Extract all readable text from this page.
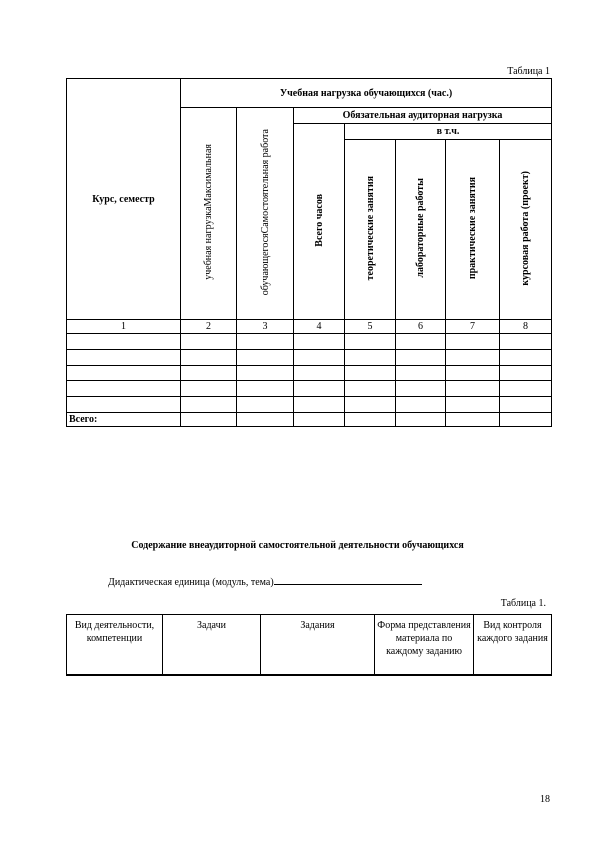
Таблица 1
Курс, семестр	Учебная нагрузка обучающихся (час.)						
	учебная нагрузкаМаксимальная	обучающегосяСамостоятельная работа	Обязательная аудиторная нагрузка				
			Всего часов	в т.ч.			
				теоретические занятия	лабораторные работы	практические занятия	курсовая работа (проект)
1	2	3	4	5	6	7	8

Всего:							
Содержание внеаудиторной самостоятельной деятельности обучающихся
Дидактическая единица (модуль, тема)
Таблица 1.
Вид деятельности, компетенции	Задачи	Задания	Форма представления материала по каждому заданию	Вид контроля каждого задания
18
